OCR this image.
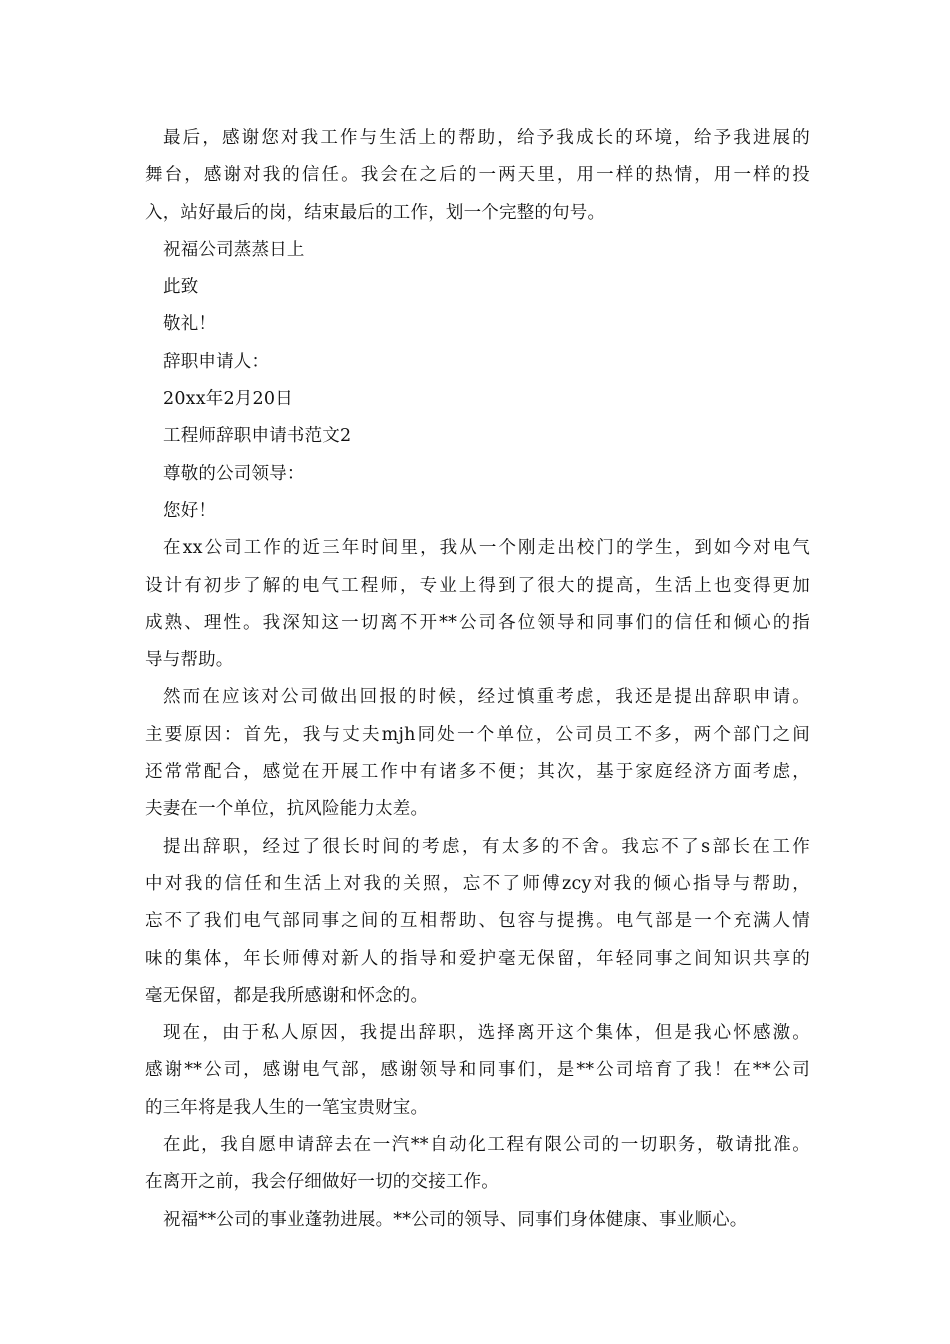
最后，感谢您对我工作与生活上的帮助，给予我成长的环境，给予我进展的
舞台，感谢对我的信任。我会在之后的一两天里，用一样的热情，用一样的投
入，站好最后的岗，结束最后的工作，划一个完整的句号。
祝福公司蒸蒸日上
此致
敬礼！
辞职申请人：
20xx年2月20日
工程师辞职申请书范文2
尊敬的公司领导：
您好！
在xx公司工作的近三年时间里，我从一个刚走出校门的学生，到如今对电气
设计有初步了解的电气工程师，专业上得到了很大的提高，生活上也变得更加
成熟、理性。我深知这一切离不开**公司各位领导和同事们的信任和倾心的指
导与帮助。
然而在应该对公司做出回报的时候，经过慎重考虑，我还是提出辞职申请。
主要原因：首先，我与丈夫mjh同处一个单位，公司员工不多，两个部门之间
还常常配合，感觉在开展工作中有诸多不便；其次，基于家庭经济方面考虑，
夫妻在一个单位，抗风险能力太差。
提出辞职，经过了很长时间的考虑，有太多的不舍。我忘不了s部长在工作
中对我的信任和生活上对我的关照，忘不了师傅zcy对我的倾心指导与帮助，
忘不了我们电气部同事之间的互相帮助、包容与提携。电气部是一个充满人情
味的集体，年长师傅对新人的指导和爱护毫无保留，年轻同事之间知识共享的
毫无保留，都是我所感谢和怀念的。
现在，由于私人原因，我提出辞职，选择离开这个集体，但是我心怀感激。
感谢**公司，感谢电气部，感谢领导和同事们，是**公司培育了我！在**公司
的三年将是我人生的一笔宝贵财宝。
在此，我自愿申请辞去在一汽**自动化工程有限公司的一切职务，敬请批准。
在离开之前，我会仔细做好一切的交接工作。
祝福**公司的事业蓬勃进展。**公司的领导、同事们身体健康、事业顺心。
